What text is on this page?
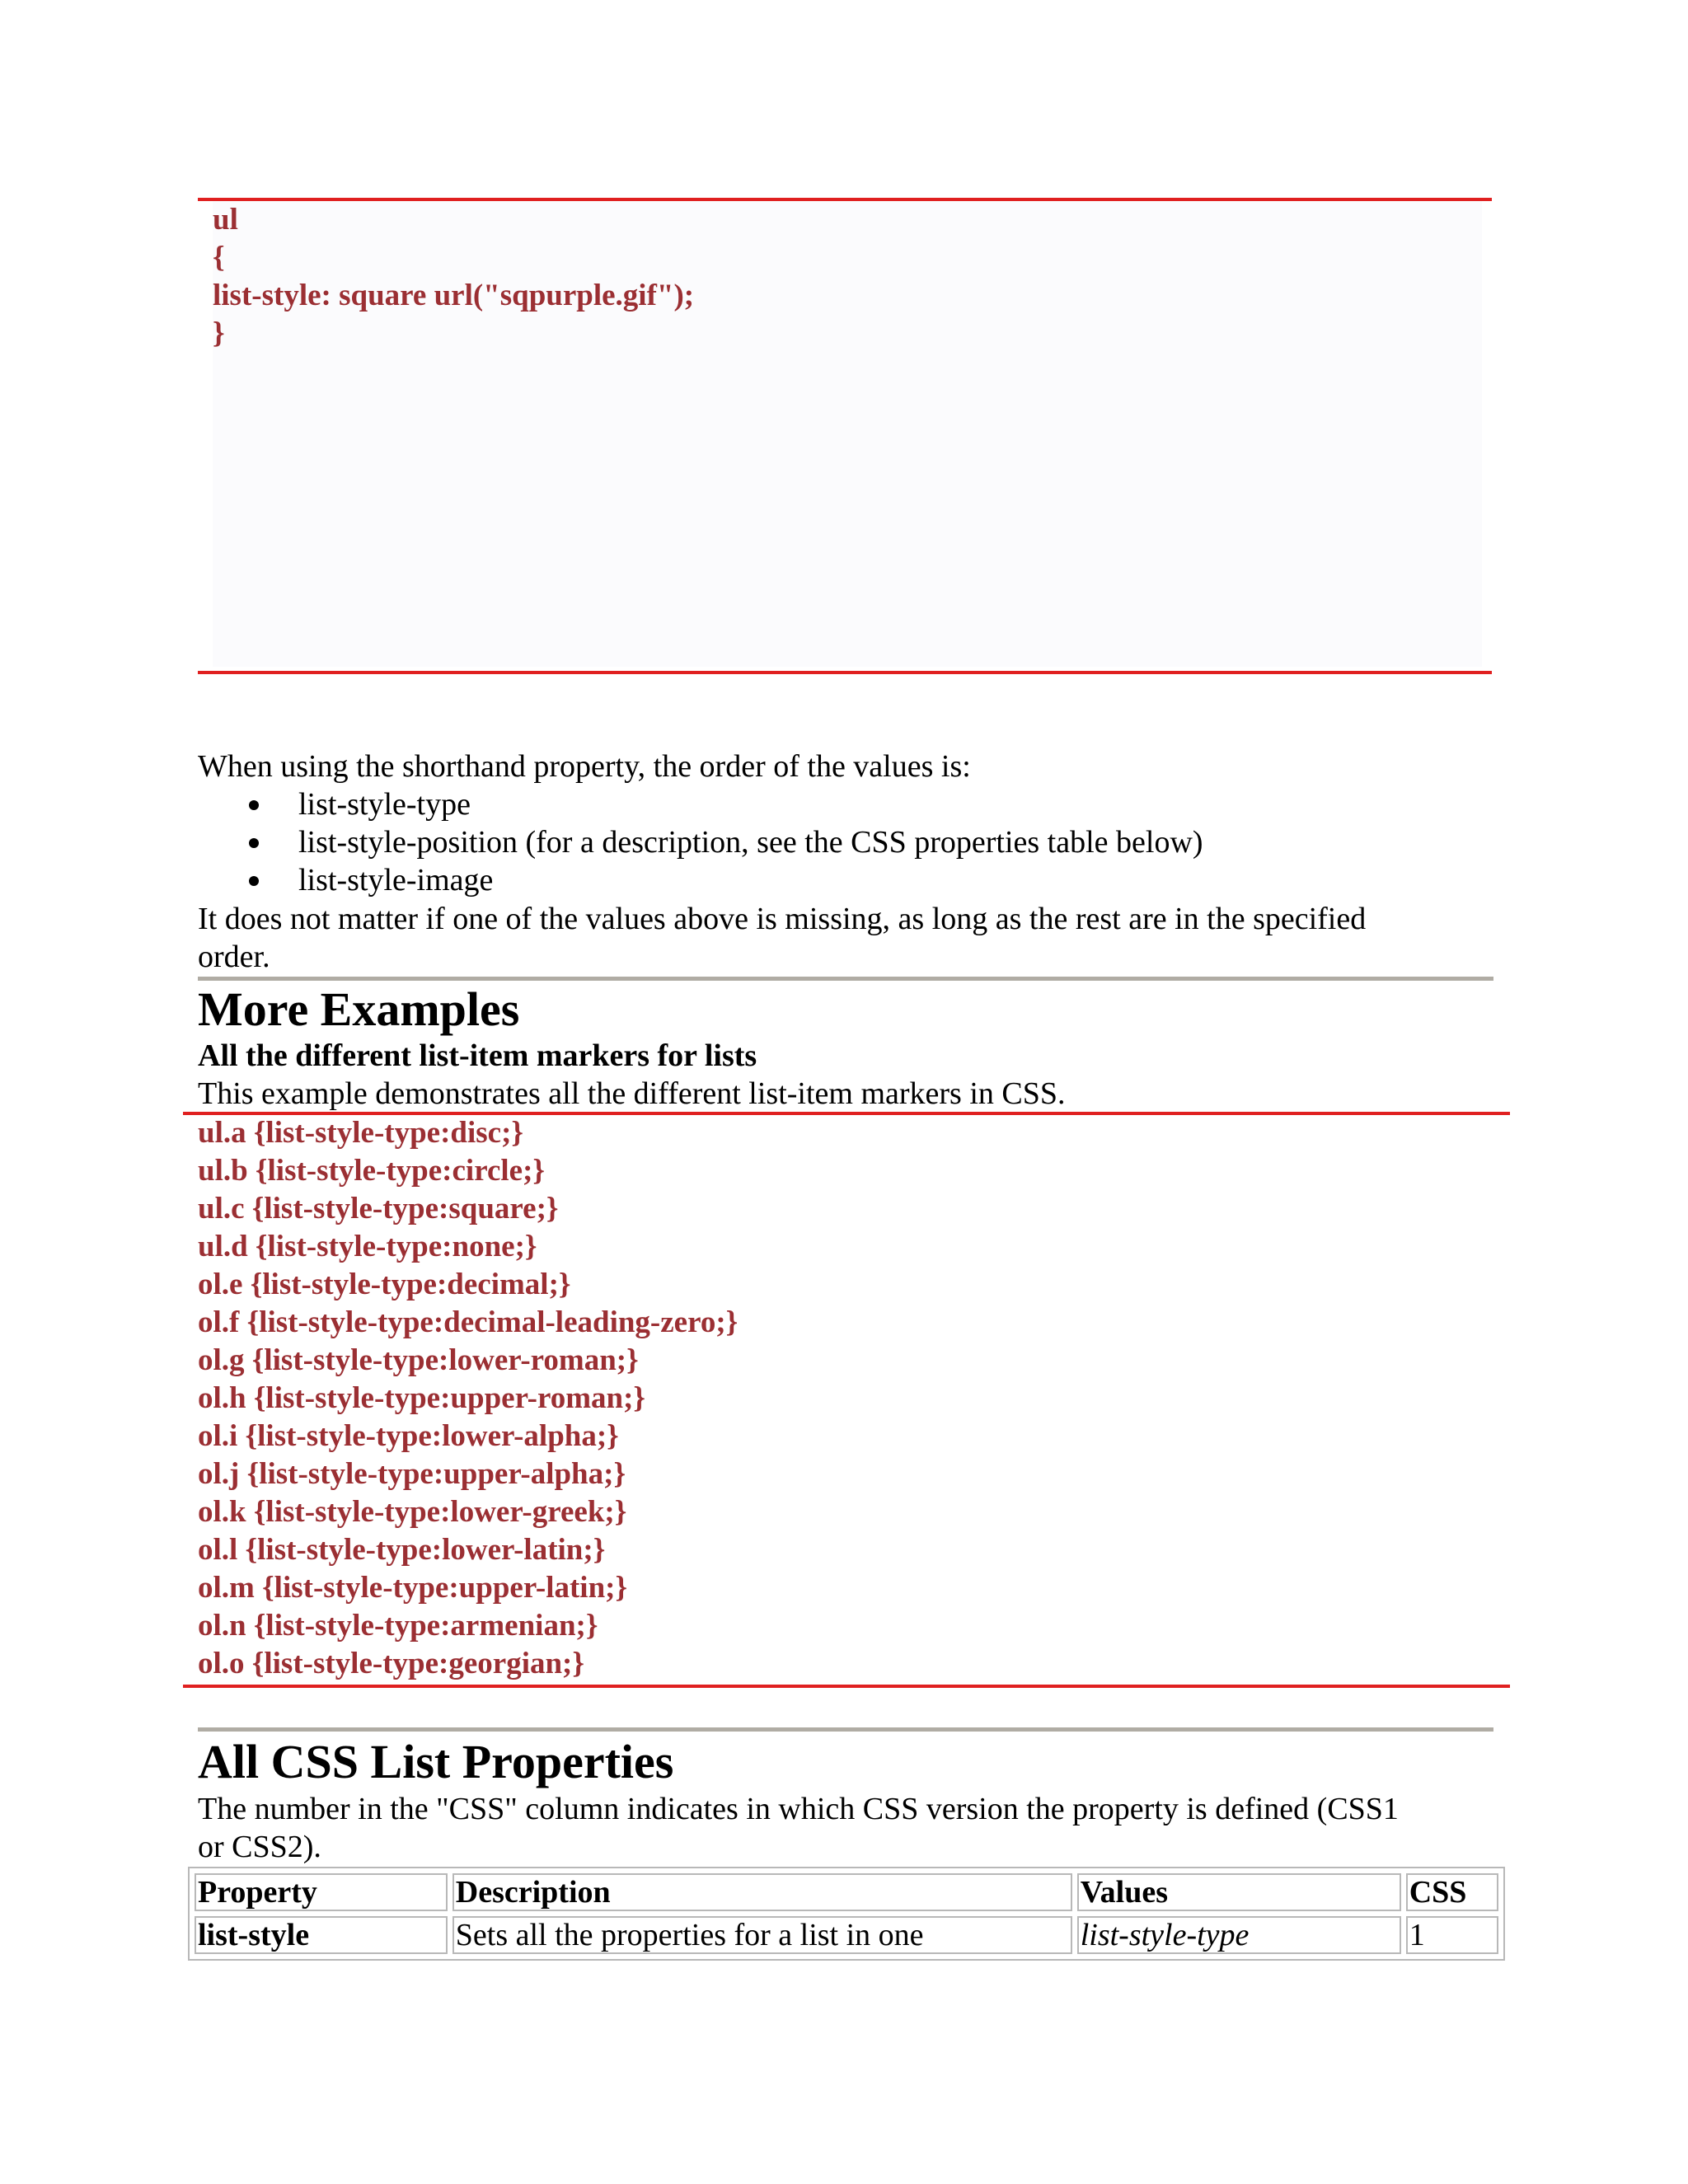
ul
{
list-style: square url("sqpurple.gif");
}
When using the shorthand property, the order of the values is:
list-style-type
list-style-position (for a description, see the CSS properties table below)
list-style-image
It does not matter if one of the values above is missing, as long as the rest are in the specified
order.
More Examples
All the different list-item markers for lists
This example demonstrates all the different list-item markers in CSS.
ul.a {list-style-type:disc;}
ul.b {list-style-type:circle;}
ul.c {list-style-type:square;}
ul.d {list-style-type:none;}
ol.e {list-style-type:decimal;}
ol.f {list-style-type:decimal-leading-zero;}
ol.g {list-style-type:lower-roman;}
ol.h {list-style-type:upper-roman;}
ol.i {list-style-type:lower-alpha;}
ol.j {list-style-type:upper-alpha;}
ol.k {list-style-type:lower-greek;}
ol.l {list-style-type:lower-latin;}
ol.m {list-style-type:upper-latin;}
ol.n {list-style-type:armenian;}
ol.o {list-style-type:georgian;}
All CSS List Properties
The number in the "CSS" column indicates in which CSS version the property is defined (CSS1
or CSS2).
Property	Description	Values	CSS
list-style	Sets all the properties for a list in one	list-style-type	1
